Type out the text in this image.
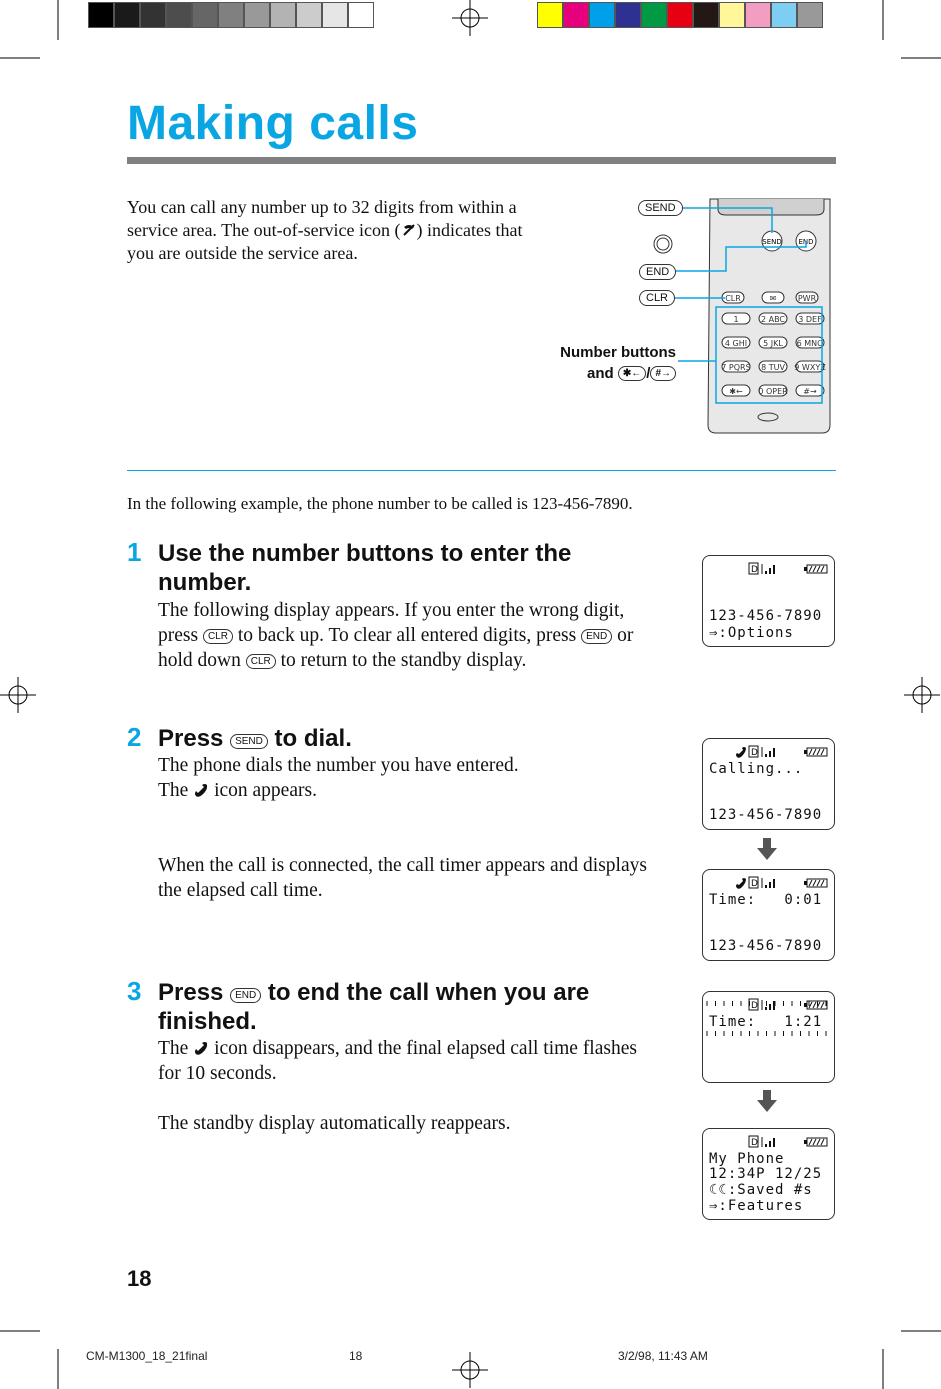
Making calls
You can call any number up to 32 digits from within a service area. The out-of-service icon ( ) indicates that you are outside the service area.
SEND END
CLR	✉	PWR
1	2 ABC 3 DEF
4 GHI 5 JKL 6 MNO
7 PQRS 8 TUV 9 WXYZ
✱← 0 OPER #→
SEND
END
CLR
Number buttons
and ✱← / #→
In the following example, the phone number to be called is 123-456-7890.
1 Use the number buttons to enter the number.
The following display appears. If you enter the wrong digit, press CLR to back up. To clear all entered digits, press END or hold down CLR to return to the standby display.
2 Press SEND to dial.
The phone dials the number you have entered.
The icon appears.
When the call is connected, the call timer appears and displays the elapsed call time.
3 Press END to end the call when you are finished.
The icon disappears, and the final elapsed call time flashes for 10 seconds.
The standby display automatically reappears.
D
123-456-7890
⇒:Options
D
Calling...
123-456-7890
D
Time:   0:01
123-456-7890
D
Time:   1:21
D
My Phone
12:34P 12/25
☾☾:Saved #s
⇒:Features
18
CM-M1300_18_21final	18	3/2/98, 11:43 AM
